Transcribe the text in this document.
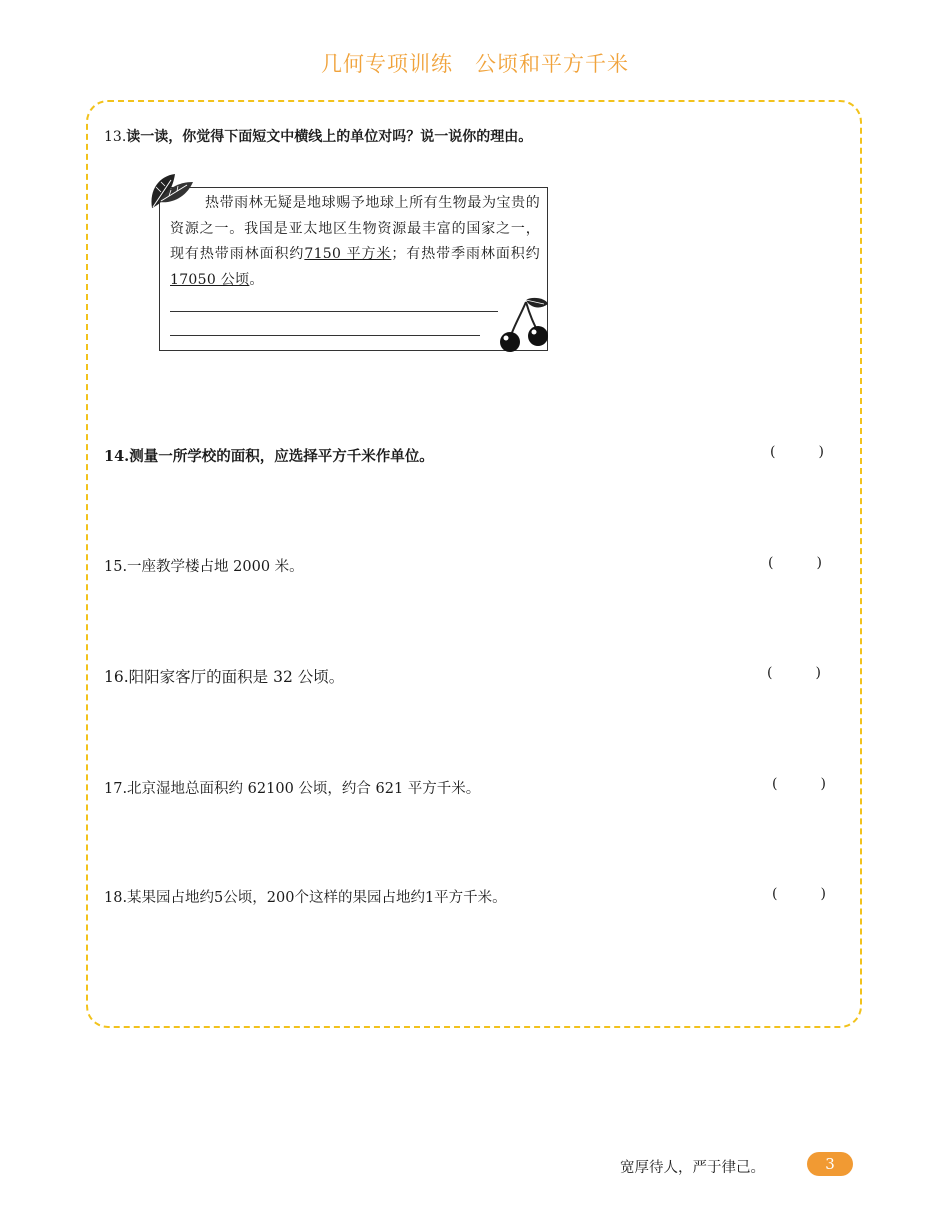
几何专项训练　公顷和平方千米
13.读一读，你觉得下面短文中横线上的单位对吗？说一说你的理由。
热带雨林无疑是地球赐予地球上所有生物最为宝贵的资源之一。我国是亚太地区生物资源最丰富的国家之一，现有热带雨林面积约7150 平方米；有热带季雨林面积约17050 公顷。
14.测量一所学校的面积，应选择平方千米作单位。	(	)
15.一座教学楼占地 2000 米。	(	)
16.阳阳家客厅的面积是 32 公顷。	(	)
17.北京湿地总面积约 62100 公顷，约合 621 平方千米。	(	)
18.某果园占地约5公顷，200个这样的果园占地约1平方千米。	(	)
宽厚待人，严于律己。	3
